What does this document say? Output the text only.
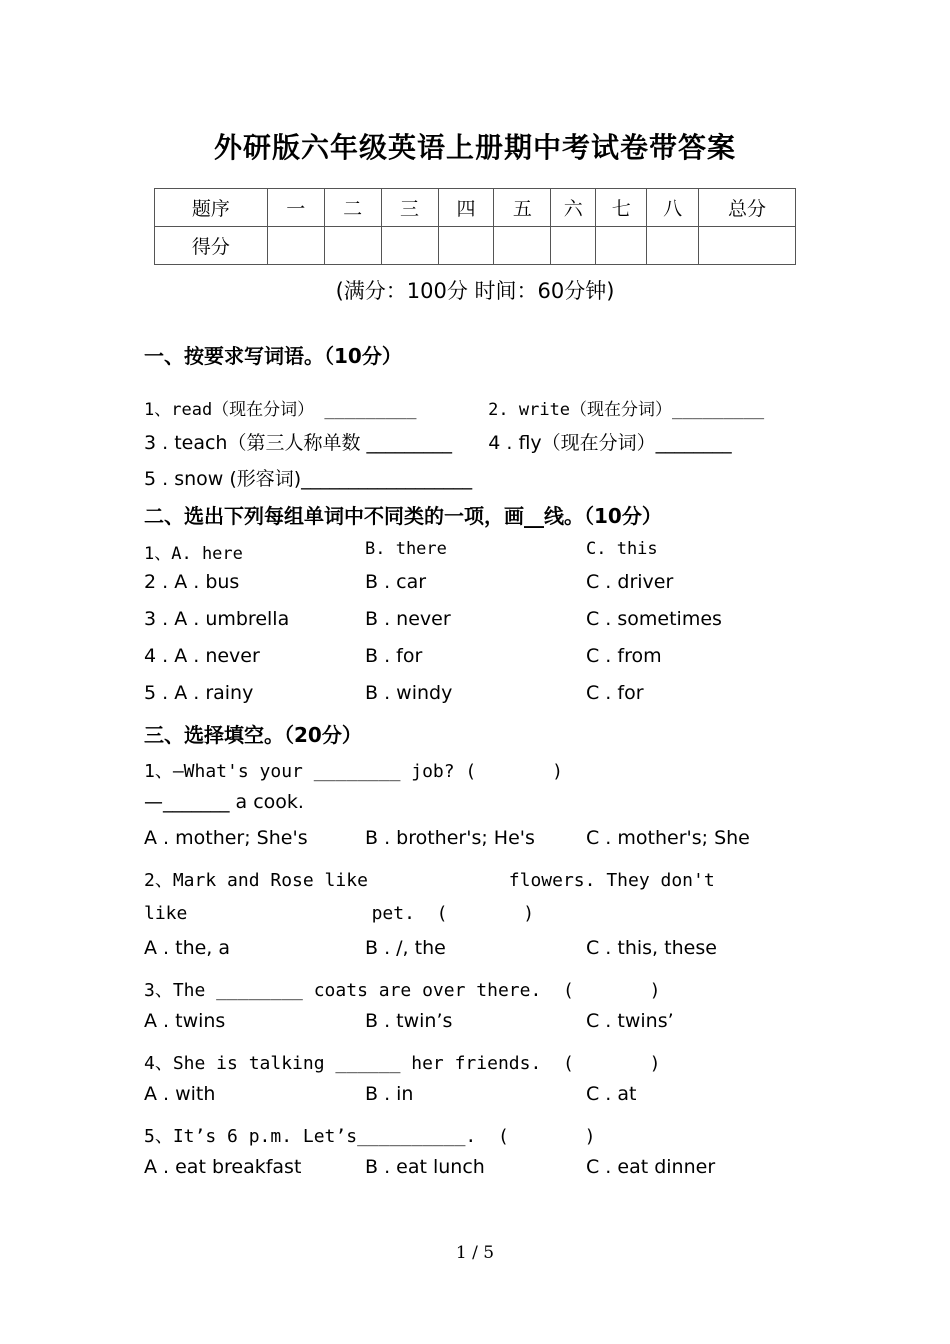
外研版六年级英语上册期中考试卷带答案
题序	一	二	三	四	五	六	七	八	总分
得分									
(满分：100分 时间：60分钟)
一、按要求写词语。（10分）
1、read（现在分词） _________       2. write（现在分词）_________
3 . teach（第三人称单数 _________      4 . fly（现在分词）________
5 . snow (形容词)__________________
二、选出下列每组单词中不同类的一项，画__线。（10分）

1、A. here

	B. there

	C. this

2 . A . bus

	B . car

	C . driver

3 . A . umbrella

	B . never

	C . sometimes

4 . A . never

	B . for

	C . from

5 . A . rainy

	B . windy

	C . for

三、选择填空。（20分）
1、—What's your ________ job? (       )
—_______ a cook.

A . mother; She's

	B . brother's; He's

	C . mother's; She

2、Mark and Rose like             flowers. They don't
like                 pet.  (       )

A . the, a

	B . /, the

	C . this, these

3、The ________ coats are over there.  (       )

A . twins

	B . twin’s

	C . twins’

4、She is talking ______ her friends.  (       )

A . with

	B . in

	C . at

5、It’s 6 p.m. Let’s__________.  (       )

A . eat breakfast

	B . eat lunch

	C . eat dinner

1 / 5
